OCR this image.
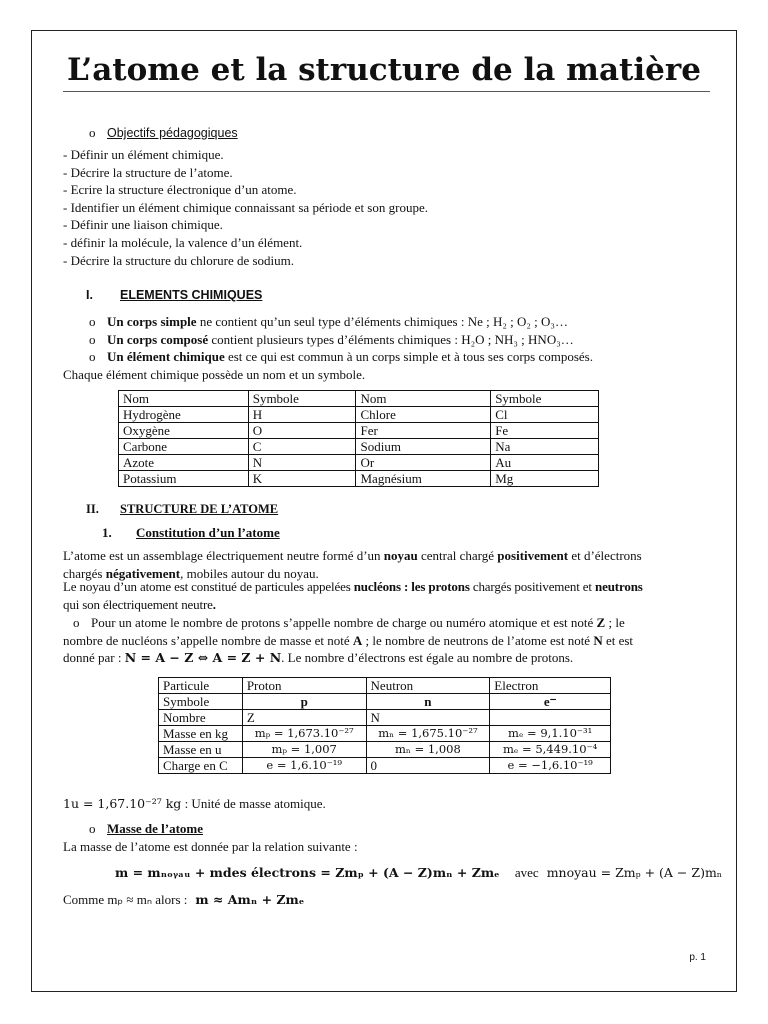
L’atome et la structure de la matière
o Objectifs pédagogiques
- Définir un élément chimique.
- Décrire la structure de l’atome.
- Ecrire la structure électronique d’un atome.
- Identifier un élément chimique connaissant sa période et son groupe.
- Définir une liaison chimique.
- définir la molécule, la valence d’un élément.
- Décrire la structure du chlorure de sodium.
I. ELEMENTS CHIMIQUES
o Un corps simple ne contient qu’un seul type d’éléments chimiques : Ne ; H₂ ; O₂ ; O₃…
o Un corps composé contient plusieurs types d’éléments chimiques : H₂O ; NH₃ ; HNO₃…
o Un élément chimique est ce qui est commun à un corps simple et à tous ses corps composés.
Chaque élément chimique possède un nom et un symbole.
Nom	Symbole	Nom	Symbole
Hydrogène	H	Chlore	Cl
Oxygène	O	Fer	Fe
Carbone	C	Sodium	Na
Azote	N	Or	Au
Potassium	K	Magnésium	Mg
II. STRUCTURE DE L’ATOME
1. Constitution d’un l’atome
L’atome est un assemblage électriquement neutre formé d’un noyau central chargé positivement et d’électrons
chargés négativement, mobiles autour du noyau.
Le noyau d’un atome est constitué de particules appelées nucléons : les protons chargés positivement et neutrons
qui son électriquement neutre.
o Pour un atome le nombre de protons s’appelle nombre de charge ou numéro atomique et est noté Z ; le
nombre de nucléons s’appelle nombre de masse et noté A ; le nombre de neutrons de l’atome est noté N et est
donné par : N = A − Z ⇔ A = Z + N. Le nombre d’électrons est égale au nombre de protons.
Particule	Proton	Neutron	Electron
Symbole	p	n	e⁻
Nombre	Z	N	
Masse en kg	mₚ = 1,673.10⁻²⁷	mₙ = 1,675.10⁻²⁷	mₑ = 9,1.10⁻³¹
Masse en u	mₚ = 1,007	mₙ = 1,008	mₑ = 5,449.10⁻⁴
Charge en C	e = 1,6.10⁻¹⁹	0	e = −1,6.10⁻¹⁹
1u = 1,67.10⁻²⁷ kg : Unité de masse atomique.
o Masse de l’atome
La masse de l’atome est donnée par la relation suivante :
m = mₙₒᵧₐᵤ + mdes électrons = Zmₚ + (A − Z)mₙ + Zmₑ avec mnoyau = Zmₚ + (A − Z)mₙ
Comme mₚ ≈ mₙ alors : m ≈ Amₙ + Zmₑ
p. 1
